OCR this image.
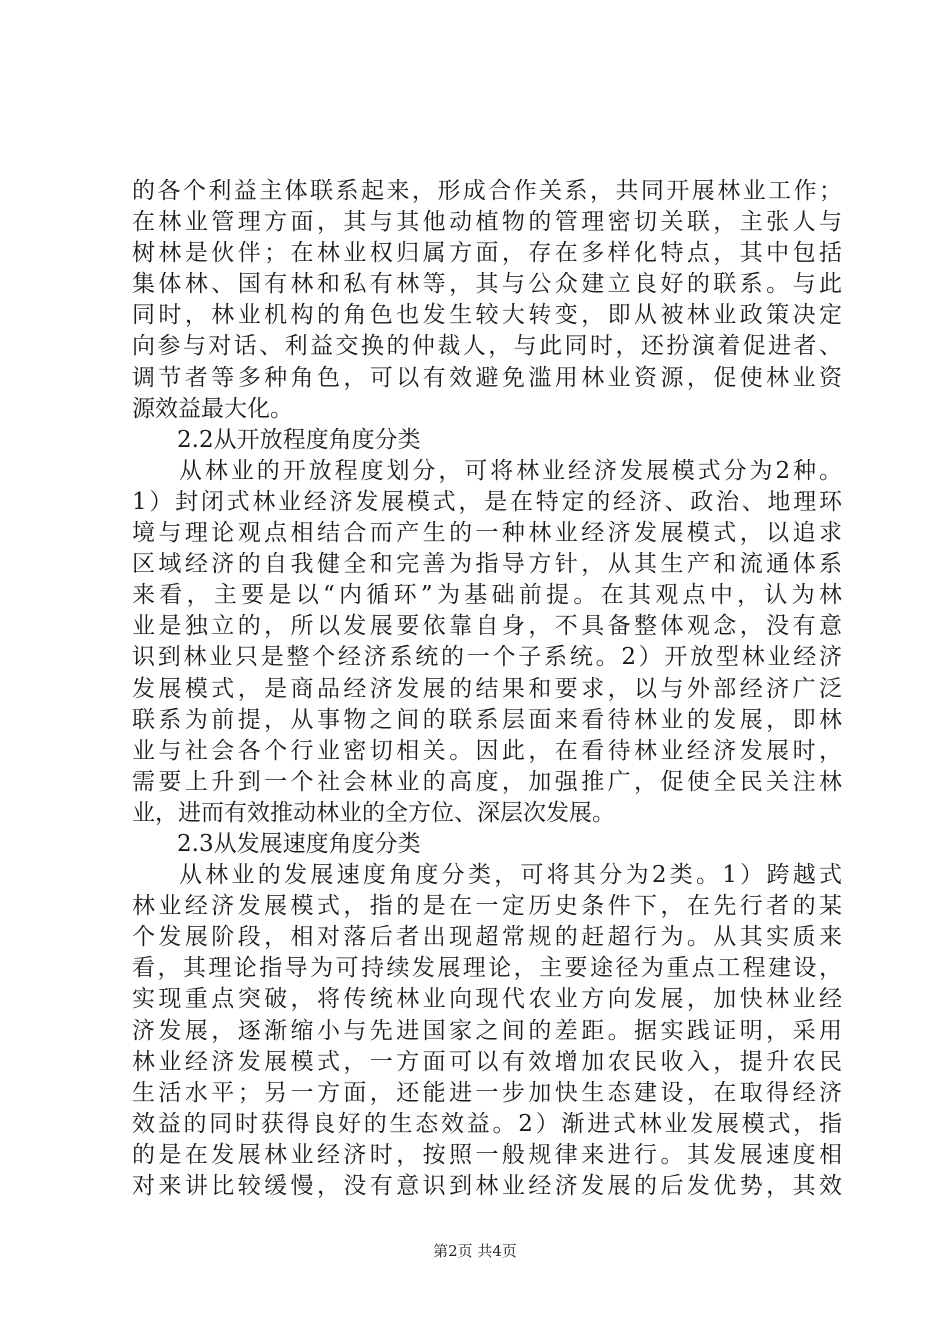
的各个利益主体联系起来，形成合作关系，共同开展林业工作；
在林业管理方面，其与其他动植物的管理密切关联，主张人与
树林是伙伴；在林业权归属方面，存在多样化特点，其中包括
集体林、国有林和私有林等，其与公众建立良好的联系。与此
同时，林业机构的角色也发生较大转变，即从被林业政策决定
向参与对话、利益交换的仲裁人，与此同时，还扮演着促进者、
调节者等多种角色，可以有效避免滥用林业资源，促使林业资
源效益最大化。
2.2从开放程度角度分类
从林业的开放程度划分，可将林业经济发展模式分为2种。
1）封闭式林业经济发展模式，是在特定的经济、政治、地理环
境与理论观点相结合而产生的一种林业经济发展模式，以追求
区域经济的自我健全和完善为指导方针，从其生产和流通体系
来看，主要是以“内循环”为基础前提。在其观点中，认为林
业是独立的，所以发展要依靠自身，不具备整体观念，没有意
识到林业只是整个经济系统的一个子系统。2）开放型林业经济
发展模式，是商品经济发展的结果和要求，以与外部经济广泛
联系为前提，从事物之间的联系层面来看待林业的发展，即林
业与社会各个行业密切相关。因此，在看待林业经济发展时，
需要上升到一个社会林业的高度，加强推广，促使全民关注林
业，进而有效推动林业的全方位、深层次发展。
2.3从发展速度角度分类
从林业的发展速度角度分类，可将其分为2类。1）跨越式
林业经济发展模式，指的是在一定历史条件下，在先行者的某
个发展阶段，相对落后者出现超常规的赶超行为。从其实质来
看，其理论指导为可持续发展理论，主要途径为重点工程建设，
实现重点突破，将传统林业向现代农业方向发展，加快林业经
济发展，逐渐缩小与先进国家之间的差距。据实践证明，采用
林业经济发展模式，一方面可以有效增加农民收入，提升农民
生活水平；另一方面，还能进一步加快生态建设，在取得经济
效益的同时获得良好的生态效益。2）渐进式林业发展模式，指
的是在发展林业经济时，按照一般规律来进行。其发展速度相
对来讲比较缓慢，没有意识到林业经济发展的后发优势，其效
第2页 共4页
